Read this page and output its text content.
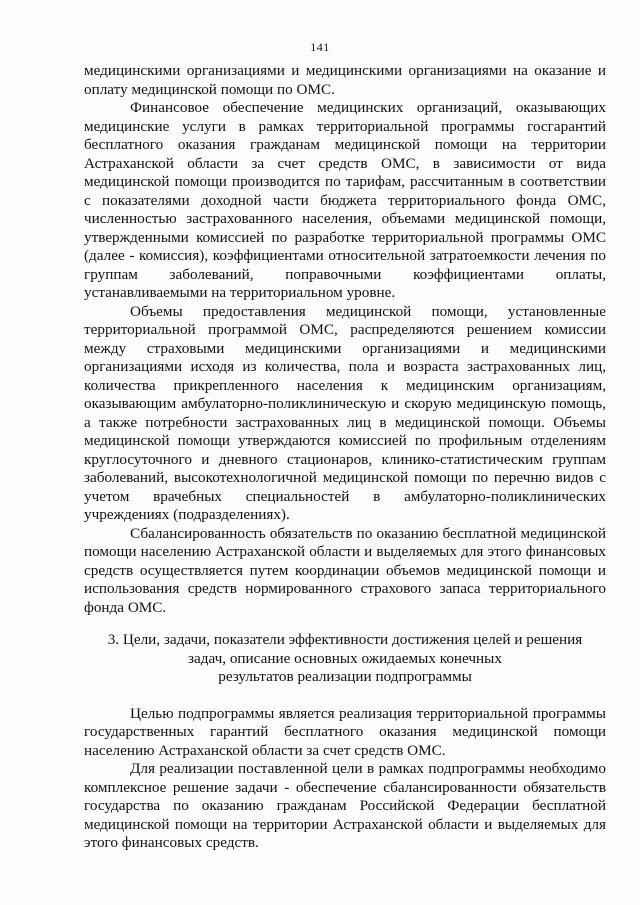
141

медицинскими организациями и медицинскими организациями на оказание и оплату медицинской помощи по ОМС.

Финансовое обеспечение медицинских организаций, оказывающих медицинские услуги в рамках территориальной программы госгарантий бесплатного оказания гражданам медицинской помощи на территории Астраханской области за счет средств ОМС, в зависимости от вида медицинской помощи производится по тарифам, рассчитанным в соответствии с показателями доходной части бюджета территориального фонда ОМС, численностью застрахованного населения, объемами медицинской помощи, утвержденными комиссией по разработке территориальной программы ОМС (далее - комиссия), коэффициентами относительной затратоемкости лечения по группам заболеваний, поправочными коэффициентами оплаты, устанавливаемыми на территориальном уровне.

Объемы предоставления медицинской помощи, установленные территориальной программой ОМС, распределяются решением комиссии между страховыми медицинскими организациями и медицинскими организациями исходя из количества, пола и возраста застрахованных лиц, количества прикрепленного населения к медицинским организациям, оказывающим амбулаторно-поликлиническую и скорую медицинскую помощь, а также потребности застрахованных лиц в медицинской помощи. Объемы медицинской помощи утверждаются комиссией по профильным отделениям круглосуточного и дневного стационаров, клинико-статистическим группам заболеваний, высокотехнологичной медицинской помощи по перечню видов с учетом врачебных специальностей в амбулаторно-поликлинических учреждениях (подразделениях).

Сбалансированность обязательств по оказанию бесплатной медицинской помощи населению Астраханской области и выделяемых для этого финансовых средств осуществляется путем координации объемов медицинской помощи и использования средств нормированного страхового запаса территориального фонда ОМС.

3. Цели, задачи, показатели эффективности достижения целей и решения
задач, описание основных ожидаемых конечных
результатов реализации подпрограммы

Целью подпрограммы является реализация территориальной программы государственных гарантий бесплатного оказания медицинской помощи населению Астраханской области за счет средств ОМС.

Для реализации поставленной цели в рамках подпрограммы необходимо комплексное решение задачи - обеспечение сбалансированности обязательств государства по оказанию гражданам Российской Федерации бесплатной медицинской помощи на территории Астраханской области и выделяемых для этого финансовых средств.
